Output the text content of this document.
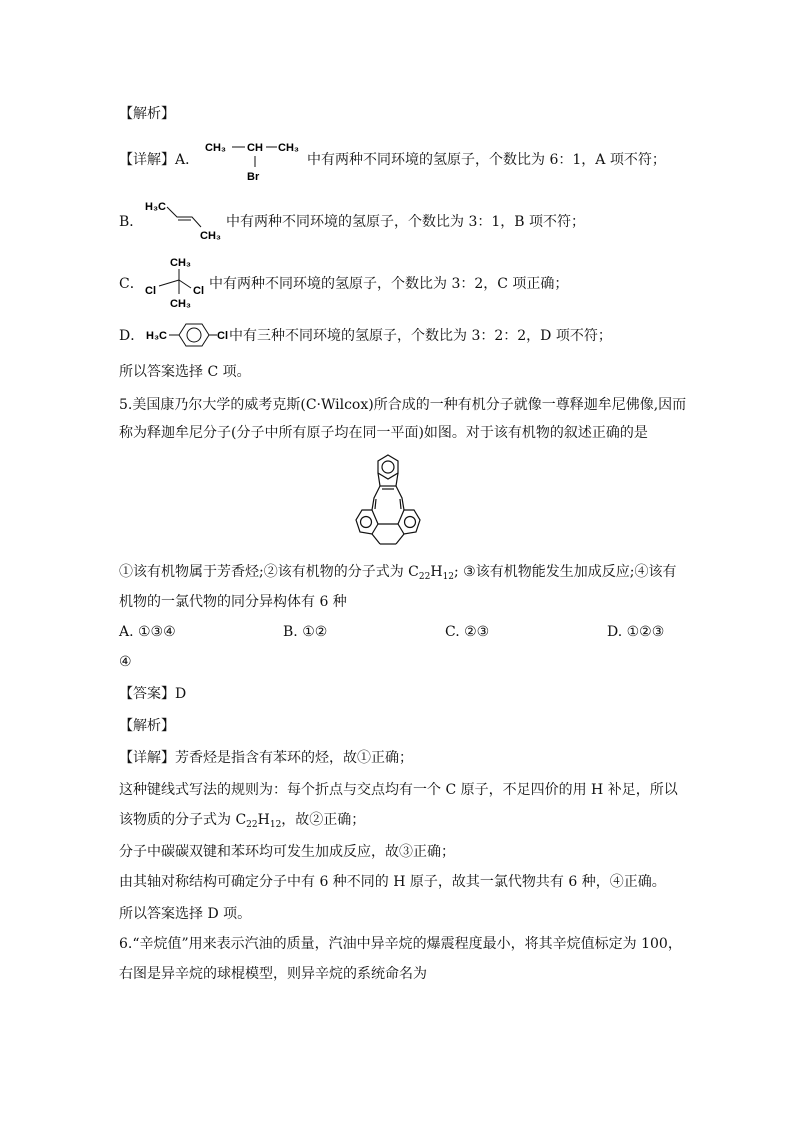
【解析】
【详解】A．
CH₃ CH CH₃
Br
中有两种不同环境的氢原子，个数比为 6：1，A 项不符；
B．
H₃C
CH₃
中有两种不同环境的氢原子，个数比为 3：1，B 项不符；
C．
CH₃
Cl	Cl
CH₃
中有两种不同环境的氢原子，个数比为 3：2，C 项正确；
D． H₃C	Cl 中有三种不同环境的氢原子，个数比为 3：2：2，D 项不符；
所以答案选择 C 项。
5.美国康乃尔大学的威考克斯(C·Wilcox)所合成的一种有机分子就像一尊释迦牟尼佛像,因而
称为释迦牟尼分子(分子中所有原子均在同一平面)如图。对于该有机物的叙述正确的是
①该有机物属于芳香烃;②该有机物的分子式为 $C_{22}H_{12}$; ③该有机物能发生加成反应;④该有
机物的一氯代物的同分异构体有 6 种
A. ①③④	B. ①②	C. ②③	D. ①②③
④
【答案】D
【解析】
【详解】芳香烃是指含有苯环的烃，故①正确；
这种键线式写法的规则为：每个折点与交点均有一个 C 原子，不足四价的用 H 补足，所以
该物质的分子式为 $C_{22}H_{12}$，故②正确；
分子中碳碳双键和苯环均可发生加成反应，故③正确；
由其轴对称结构可确定分子中有 6 种不同的 H 原子，故其一氯代物共有 6 种，④正确。
所以答案选择 D 项。
6.“辛烷值”用来表示汽油的质量，汽油中异辛烷的爆震程度最小，将其辛烷值标定为 100，
右图是异辛烷的球棍模型，则异辛烷的系统命名为
